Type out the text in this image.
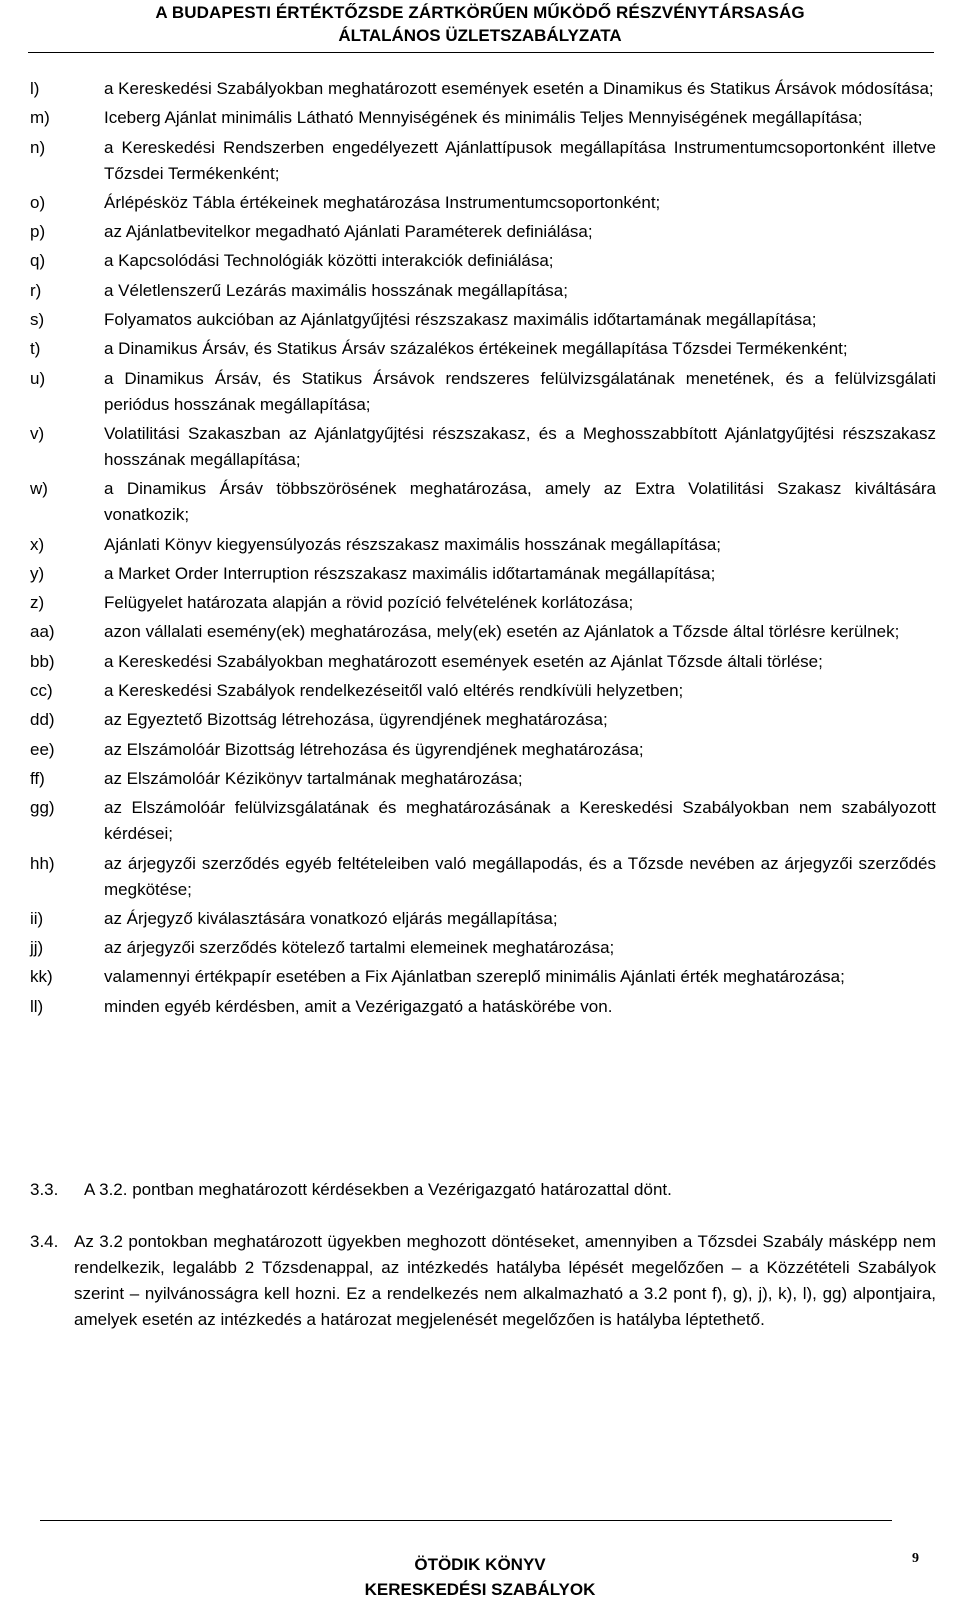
A BUDAPESTI ÉRTÉKTŐZSDE ZÁRTKÖRŰEN MŰKÖDŐ RÉSZVÉNYTÁRSASÁG
ÁLTALÁNOS ÜZLETSZABÁLYZATA
l)	a Kereskedési Szabályokban meghatározott események esetén a Dinamikus és Statikus Ársávok módosítása;
m)	Iceberg Ajánlat minimális Látható Mennyiségének és minimális Teljes Mennyiségének megállapítása;
n)	a Kereskedési Rendszerben engedélyezett Ajánlattípusok megállapítása Instrumentumcsoportonként illetve Tőzsdei Termékenként;
o)	Árlépésköz Tábla értékeinek meghatározása Instrumentumcsoportonként;
p)	az Ajánlatbevitelkor megadható Ajánlati Paraméterek definiálása;
q)	a Kapcsolódási Technológiák közötti interakciók definiálása;
r)	a Véletlenszerű Lezárás maximális hosszának megállapítása;
s)	Folyamatos aukcióban az Ajánlatgyűjtési részszakasz maximális időtartamának megállapítása;
t)	a Dinamikus Ársáv, és Statikus Ársáv százalékos értékeinek megállapítása Tőzsdei Termékenként;
u)	a Dinamikus Ársáv, és Statikus Ársávok rendszeres felülvizsgálatának menetének, és a felülvizsgálati periódus hosszának megállapítása;
v)	Volatilitási Szakaszban az Ajánlatgyűjtési részszakasz, és a Meghosszabbított Ajánlatgyűjtési részszakasz hosszának megállapítása;
w)	a Dinamikus Ársáv többszörösének meghatározása, amely az Extra Volatilitási Szakasz kiváltására vonatkozik;
x)	Ajánlati Könyv kiegyensúlyozás részszakasz maximális hosszának megállapítása;
y)	a Market Order Interruption részszakasz maximális időtartamának megállapítása;
z)	Felügyelet határozata alapján a rövid pozíció felvételének korlátozása;
aa)	azon vállalati esemény(ek) meghatározása, mely(ek) esetén az Ajánlatok a Tőzsde által törlésre kerülnek;
bb)	a Kereskedési Szabályokban meghatározott események esetén az Ajánlat Tőzsde általi törlése;
cc)	a Kereskedési Szabályok rendelkezéseitől való eltérés rendkívüli helyzetben;
dd)	az Egyeztető Bizottság létrehozása, ügyrendjének meghatározása;
ee)	az Elszámolóár Bizottság létrehozása és ügyrendjének meghatározása;
ff)	az Elszámolóár Kézikönyv tartalmának meghatározása;
gg)	az Elszámolóár felülvizsgálatának és meghatározásának a Kereskedési Szabályokban nem szabályozott kérdései;
hh)	az árjegyzői szerződés egyéb feltételeiben való megállapodás, és a Tőzsde nevében az árjegyzői szerződés megkötése;
ii)	az Árjegyző kiválasztására vonatkozó eljárás megállapítása;
jj)	az árjegyzői szerződés kötelező tartalmi elemeinek meghatározása;
kk)	valamennyi értékpapír esetében a Fix Ajánlatban szereplő minimális Ajánlati érték meghatározása;
ll)	minden egyéb kérdésben, amit a Vezérigazgató a hatáskörébe von.
3.3.	A 3.2. pontban meghatározott kérdésekben a Vezérigazgató határozattal dönt.
3.4. Az 3.2 pontokban meghatározott ügyekben meghozott döntéseket, amennyiben a Tőzsdei Szabály másképp nem rendelkezik, legalább 2 Tőzsdenappal, az intézkedés hatályba lépését megelőzően – a Közzétételi Szabályok szerint – nyilvánosságra kell hozni. Ez a rendelkezés nem alkalmazható a 3.2 pont f), g), j), k), l), gg) alpontjaira, amelyek esetén az intézkedés a határozat megjelenését megelőzően is hatályba léptethető.
ÖTÖDIK KÖNYV
KERESKEDÉSI SZABÁLYOK
9
